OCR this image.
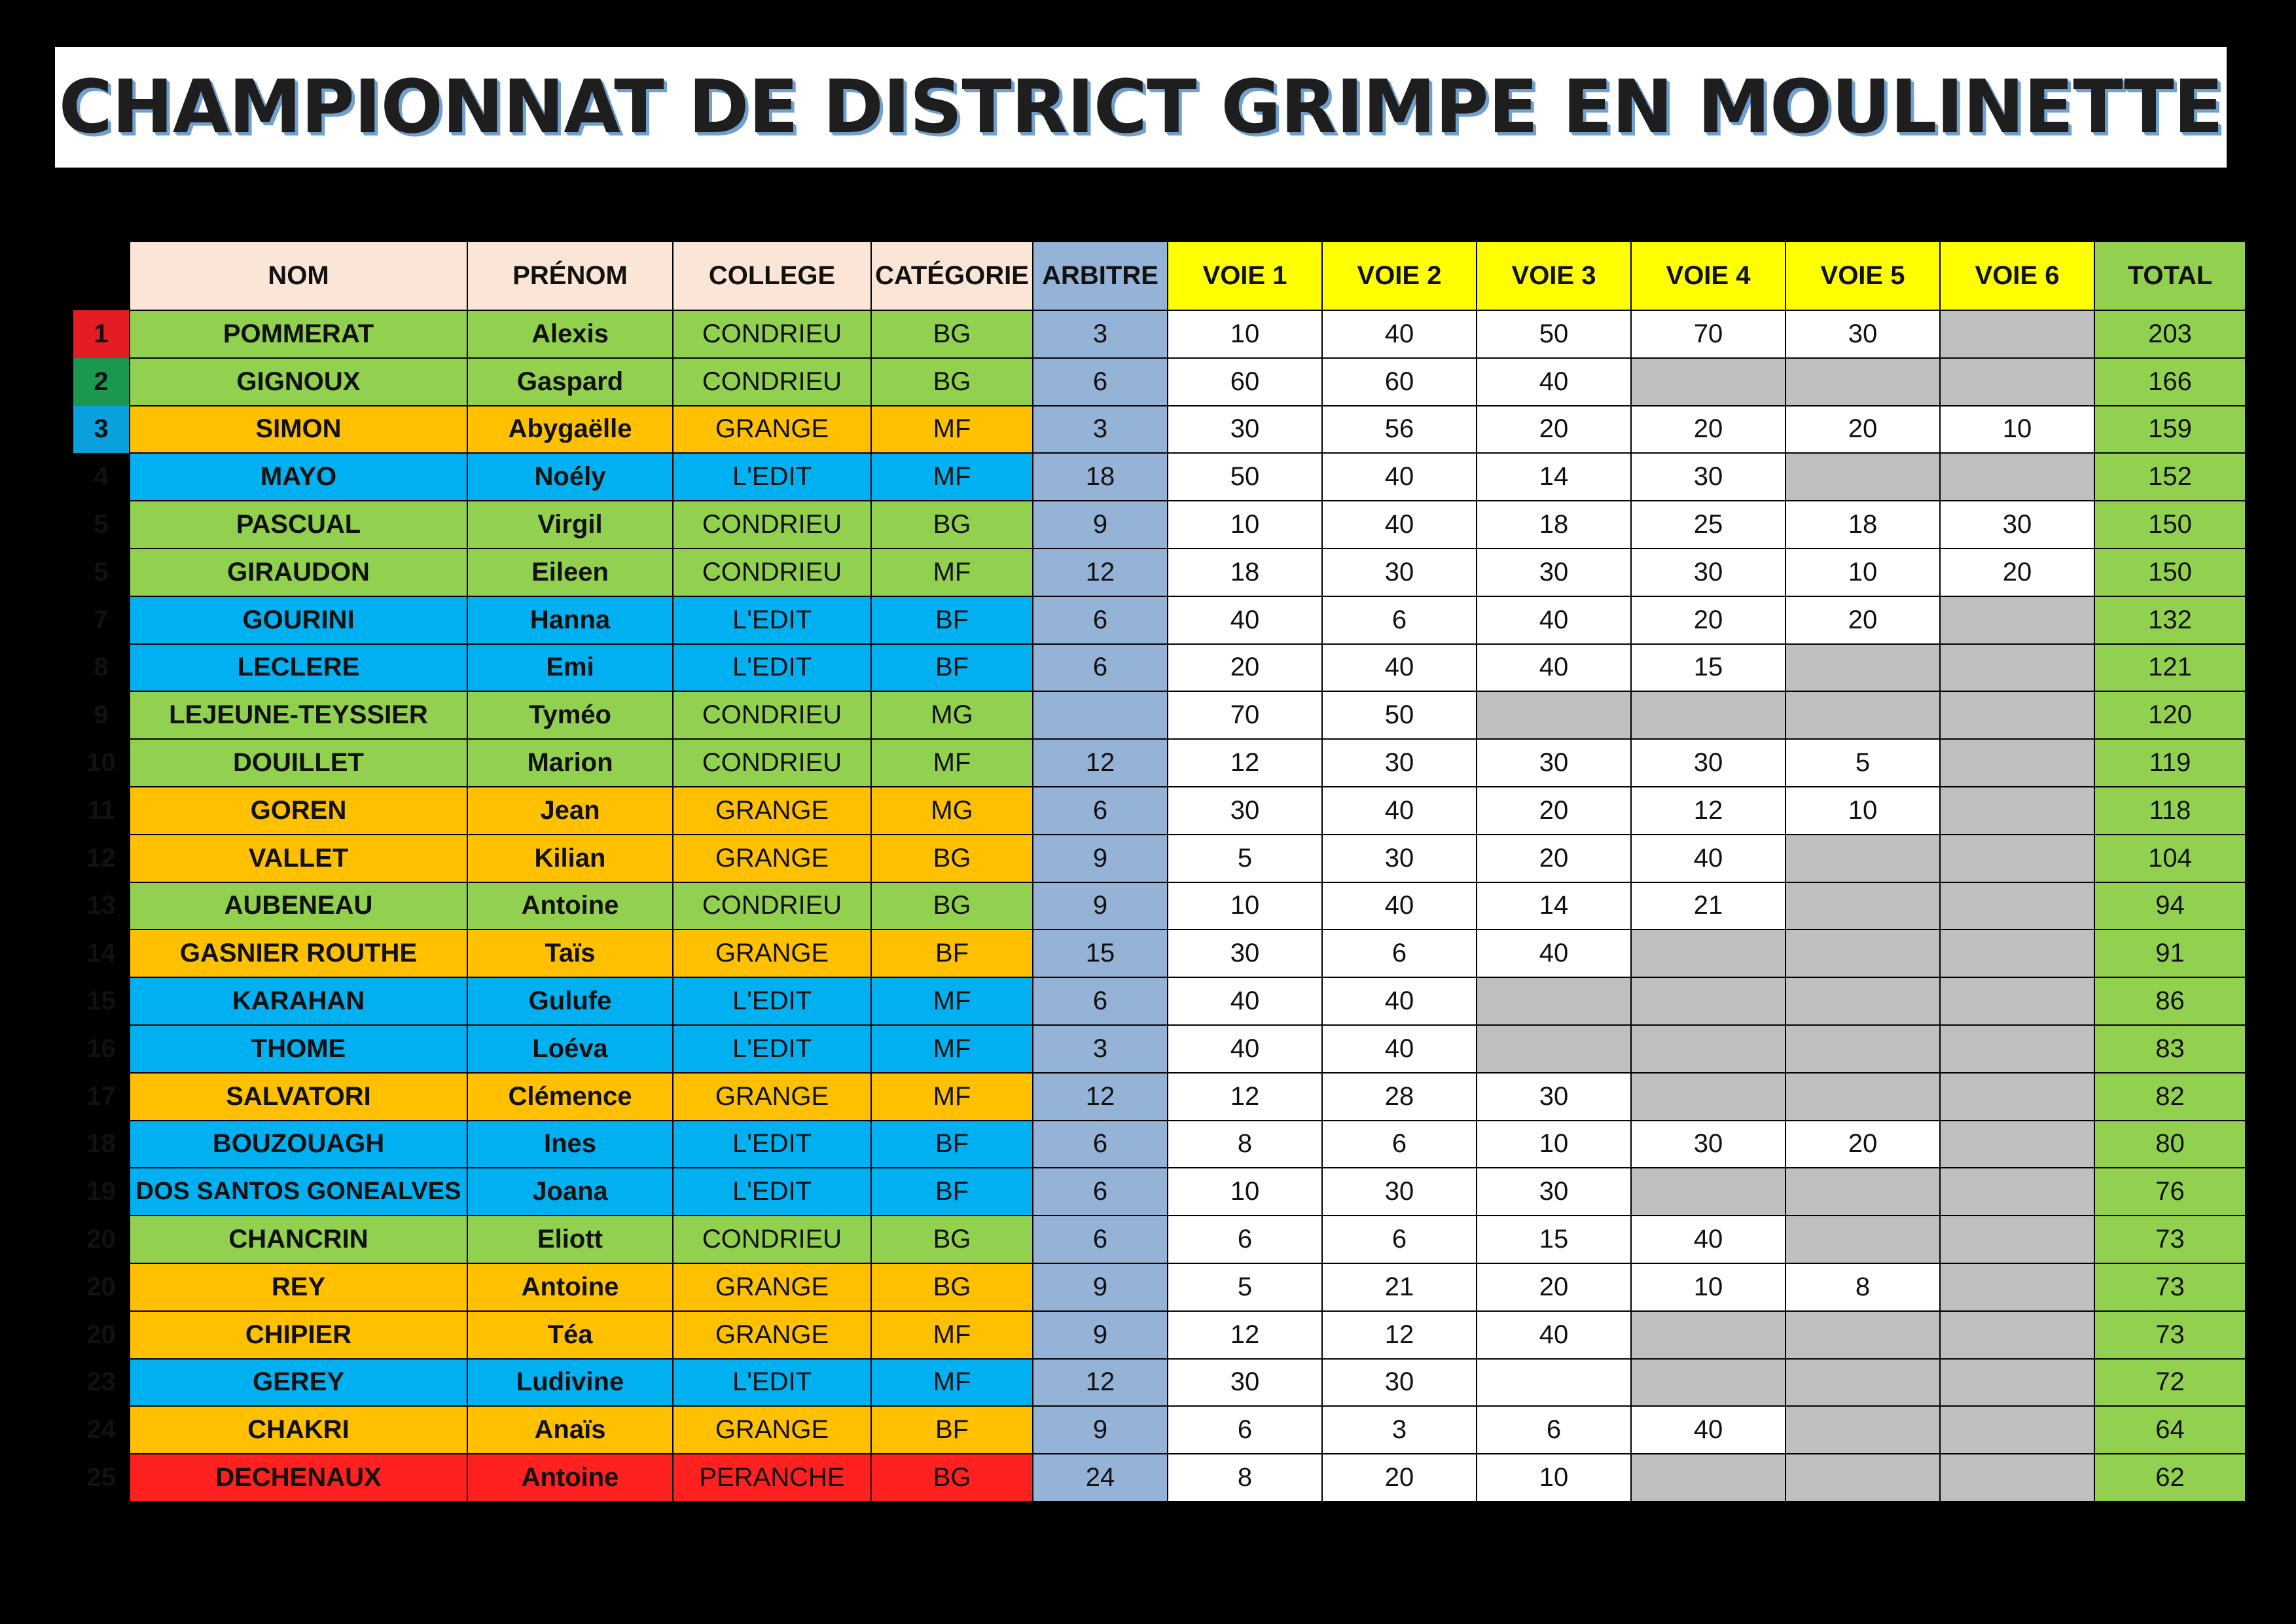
CHAMPIONNAT DE DISTRICT GRIMPE EN MOULINETTE
	NOM	PRÉNOM	COLLEGE	CATÉGORIE	ARBITRE	VOIE 1	VOIE 2	VOIE 3	VOIE 4	VOIE 5	VOIE 6	TOTAL
1	POMMERAT	Alexis	CONDRIEU	BG	3	10	40	50	70	30		203
2	GIGNOUX	Gaspard	CONDRIEU	BG	6	60	60	40				166
3	SIMON	Abygaëlle	GRANGE	MF	3	30	56	20	20	20	10	159
4	MAYO	Noély	L'EDIT	MF	18	50	40	14	30			152
5	PASCUAL	Virgil	CONDRIEU	BG	9	10	40	18	25	18	30	150
5	GIRAUDON	Eileen	CONDRIEU	MF	12	18	30	30	30	10	20	150
7	GOURINI	Hanna	L'EDIT	BF	6	40	6	40	20	20		132
8	LECLERE	Emi	L'EDIT	BF	6	20	40	40	15			121
9	LEJEUNE-TEYSSIER	Tyméo	CONDRIEU	MG		70	50					120
10	DOUILLET	Marion	CONDRIEU	MF	12	12	30	30	30	5		119
11	GOREN	Jean	GRANGE	MG	6	30	40	20	12	10		118
12	VALLET	Kilian	GRANGE	BG	9	5	30	20	40			104
13	AUBENEAU	Antoine	CONDRIEU	BG	9	10	40	14	21			94
14	GASNIER ROUTHE	Taïs	GRANGE	BF	15	30	6	40				91
15	KARAHAN	Gulufe	L'EDIT	MF	6	40	40					86
16	THOME	Loéva	L'EDIT	MF	3	40	40					83
17	SALVATORI	Clémence	GRANGE	MF	12	12	28	30				82
18	BOUZOUAGH	Ines	L'EDIT	BF	6	8	6	10	30	20		80
19	DOS SANTOS GONEALVES	Joana	L'EDIT	BF	6	10	30	30				76
20	CHANCRIN	Eliott	CONDRIEU	BG	6	6	6	15	40			73
20	REY	Antoine	GRANGE	BG	9	5	21	20	10	8		73
20	CHIPIER	Téa	GRANGE	MF	9	12	12	40				73
23	GEREY	Ludivine	L'EDIT	MF	12	30	30					72
24	CHAKRI	Anaïs	GRANGE	BF	9	6	3	6	40			64
25	DECHENAUX	Antoine	PERANCHE	BG	24	8	20	10				62
